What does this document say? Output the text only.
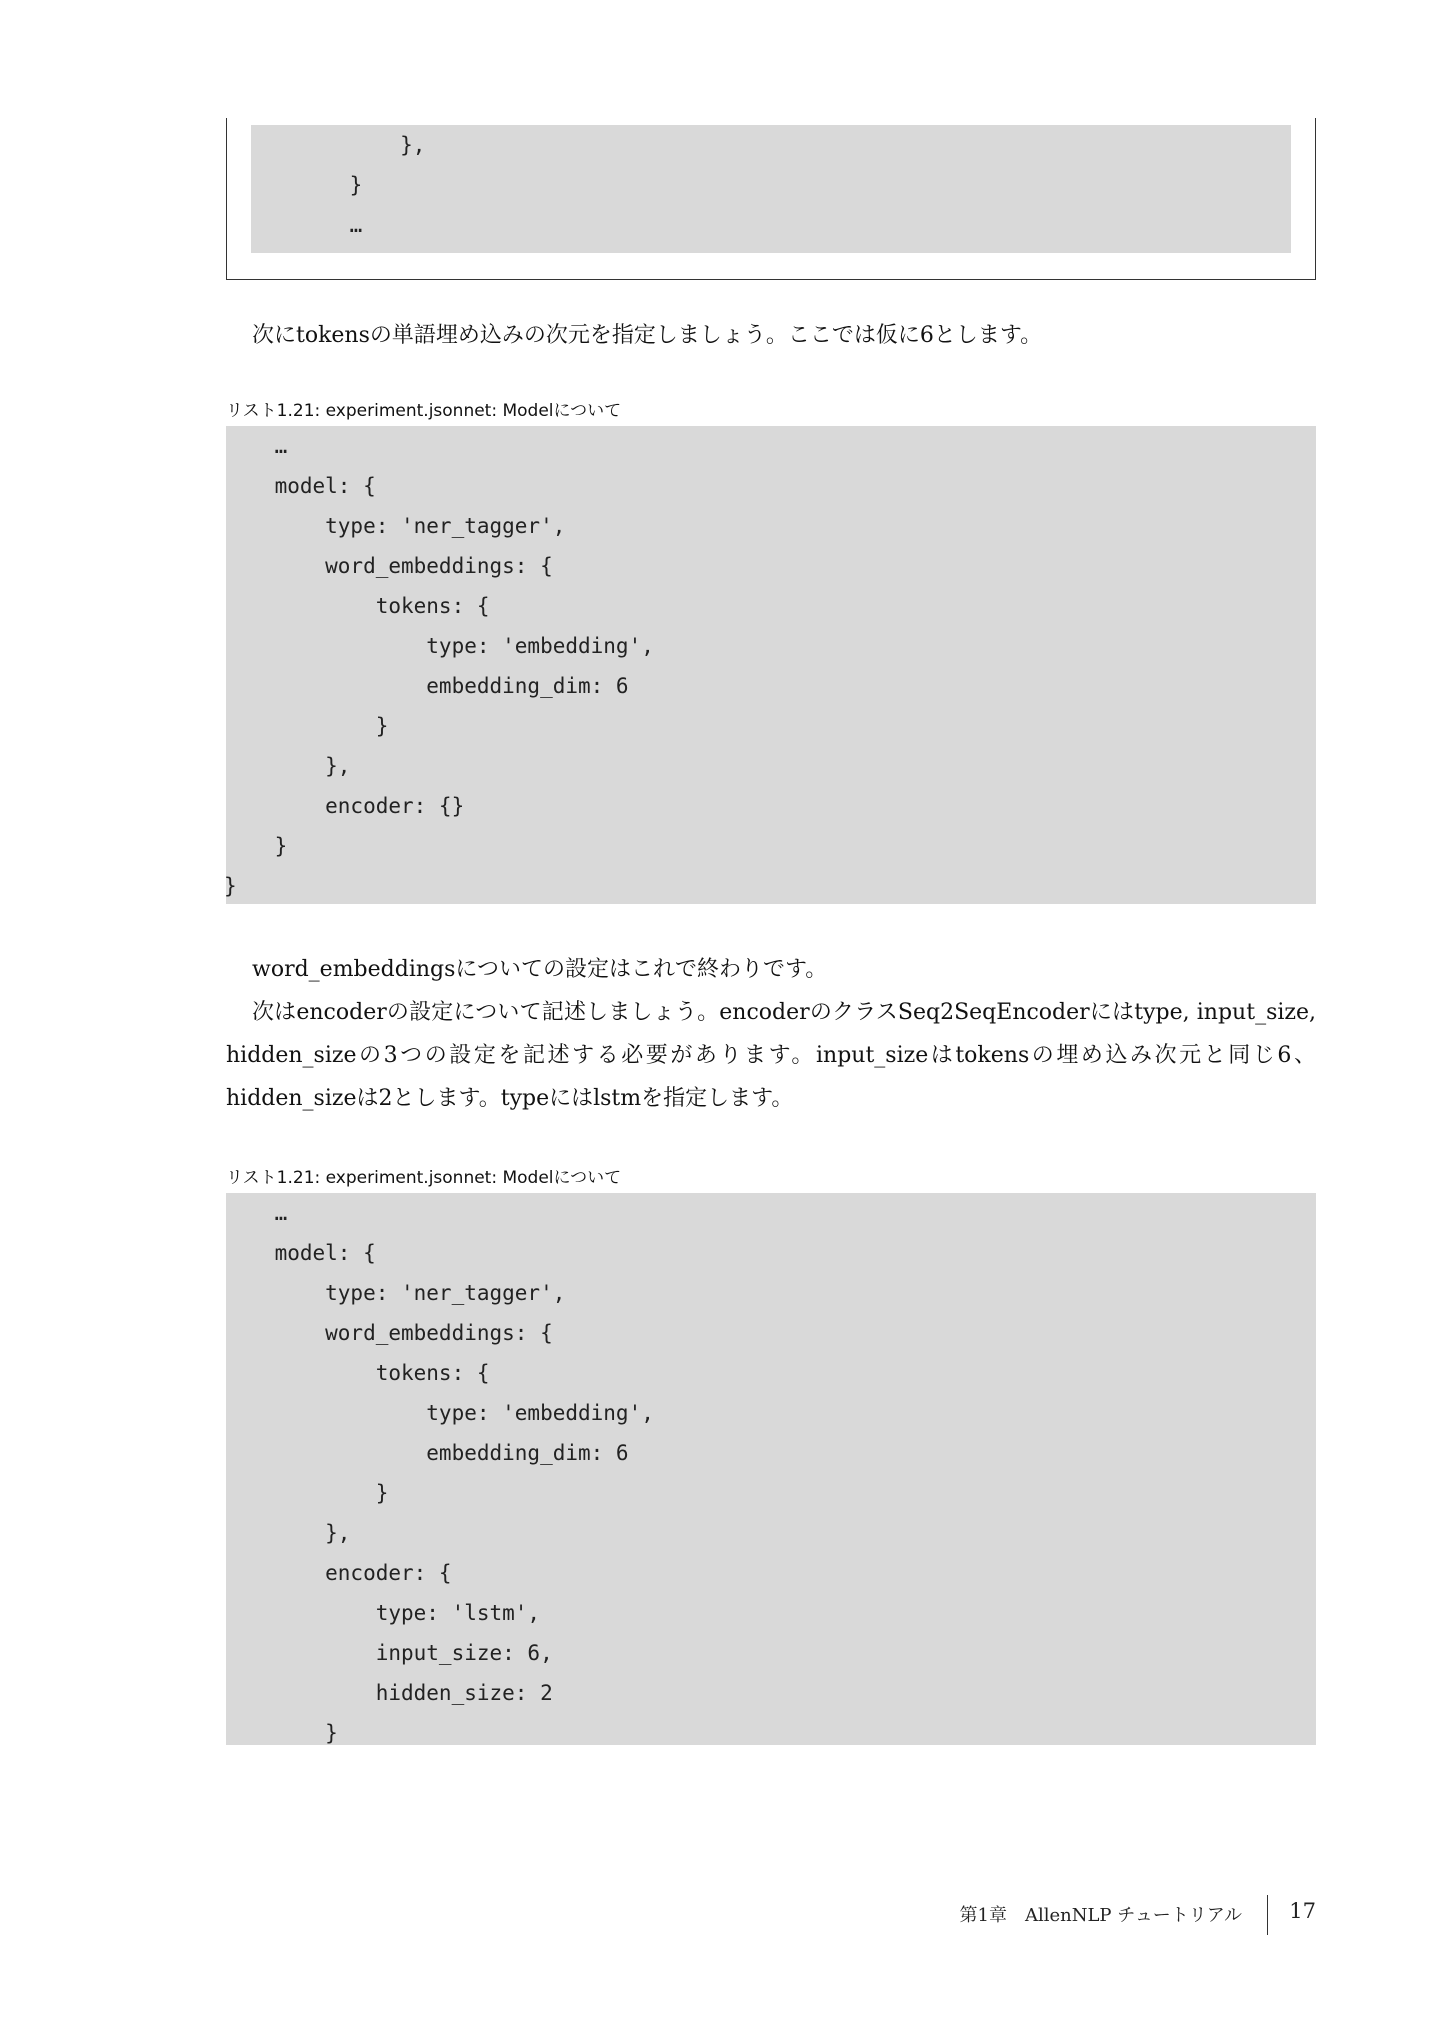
},
}
…
次にtokensの単語埋め込みの次元を指定しましょう。ここでは仮に6とします。
リスト1.21: experiment.jsonnet: Modelについて
…
model: {
type: 'ner_tagger',
word_embeddings: {
tokens: {
type: 'embedding',
embedding_dim: 6
}
},
encoder: {}
}
}
word_embeddingsについての設定はこれで終わりです。
次はencoderの設定について記述しましょう。encoderのクラスSeq2SeqEncoderにはtype, input_size, hidden_sizeの3つの設定を記述する必要があります。input_sizeはtokensの埋め込み次元と同じ6、hidden_sizeは2とします。typeにはlstmを指定します。
リスト1.21: experiment.jsonnet: Modelについて
…
model: {
type: 'ner_tagger',
word_embeddings: {
tokens: {
type: 'embedding',
embedding_dim: 6
}
},
encoder: {
type: 'lstm',
input_size: 6,
hidden_size: 2
}
第1章　AllenNLP チュートリアル 17
